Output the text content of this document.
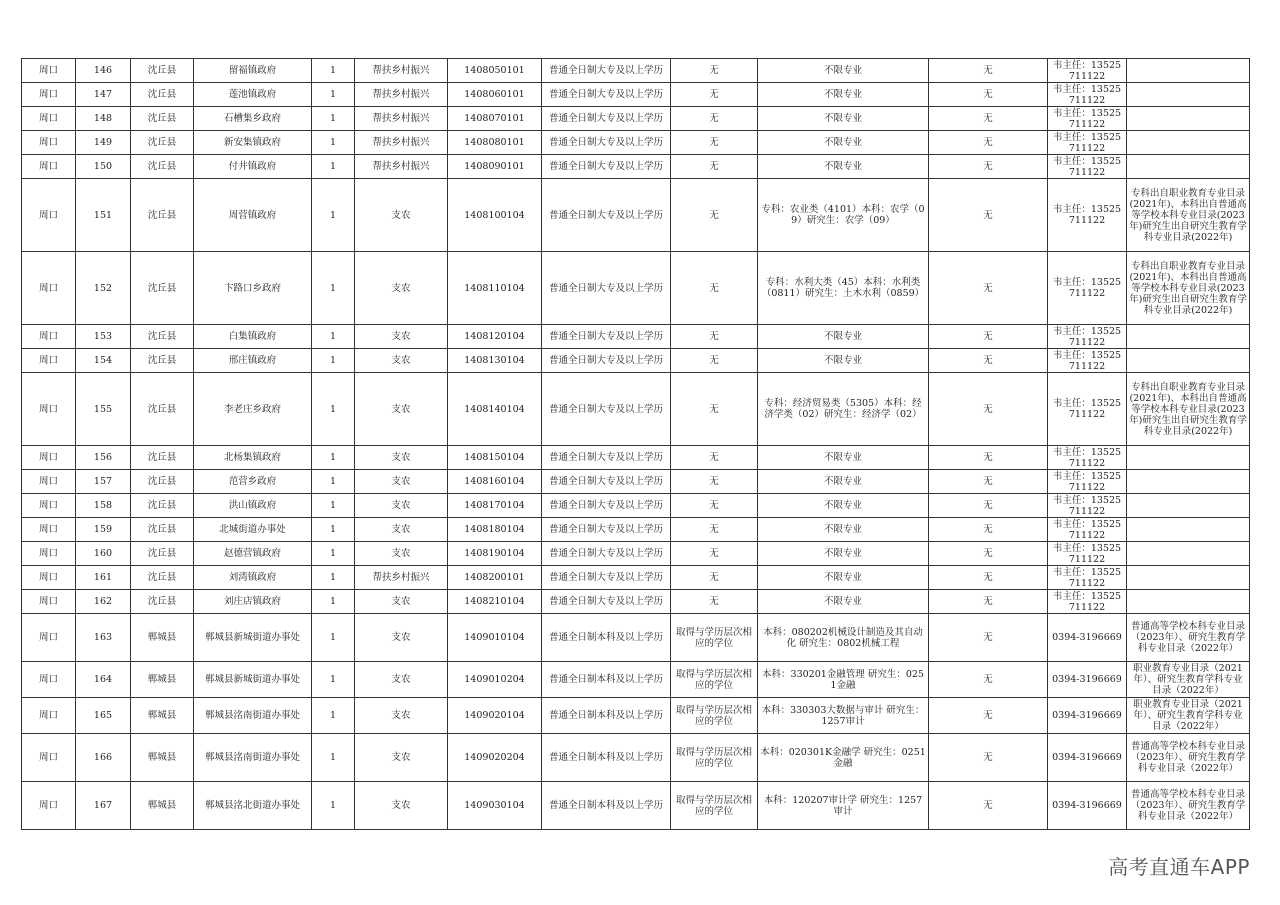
周口	146	沈丘县	留福镇政府	1	帮扶乡村振兴	1408050101	普通全日制大专及以上学历	无	不限专业	无	韦主任：13525711122	
周口	147	沈丘县	莲池镇政府	1	帮扶乡村振兴	1408060101	普通全日制大专及以上学历	无	不限专业	无	韦主任：13525711122	
周口	148	沈丘县	石槽集乡政府	1	帮扶乡村振兴	1408070101	普通全日制大专及以上学历	无	不限专业	无	韦主任：13525711122	
周口	149	沈丘县	新安集镇政府	1	帮扶乡村振兴	1408080101	普通全日制大专及以上学历	无	不限专业	无	韦主任：13525711122	
周口	150	沈丘县	付井镇政府	1	帮扶乡村振兴	1408090101	普通全日制大专及以上学历	无	不限专业	无	韦主任：13525711122	
周口	151	沈丘县	周营镇政府	1	支农	1408100104	普通全日制大专及以上学历	无	专科：农业类（4101）本科：农学（09）研究生：农学（09）	无	韦主任：13525711122	专科出自职业教育专业目录(2021年)、本科出自普通高等学校本科专业目录(2023年)研究生出自研究生教育学科专业目录(2022年)
周口	152	沈丘县	卞路口乡政府	1	支农	1408110104	普通全日制大专及以上学历	无	专科：水利大类（45）本科：水利类（0811）研究生：土木水利（0859）	无	韦主任：13525711122	专科出自职业教育专业目录(2021年)、本科出自普通高等学校本科专业目录(2023年)研究生出自研究生教育学科专业目录(2022年)
周口	153	沈丘县	白集镇政府	1	支农	1408120104	普通全日制大专及以上学历	无	不限专业	无	韦主任：13525711122	
周口	154	沈丘县	邢庄镇政府	1	支农	1408130104	普通全日制大专及以上学历	无	不限专业	无	韦主任：13525711122	
周口	155	沈丘县	李老庄乡政府	1	支农	1408140104	普通全日制大专及以上学历	无	专科：经济贸易类（5305）本科：经济学类（02）研究生：经济学（02）	无	韦主任：13525711122	专科出自职业教育专业目录(2021年)、本科出自普通高等学校本科专业目录(2023年)研究生出自研究生教育学科专业目录(2022年)
周口	156	沈丘县	北杨集镇政府	1	支农	1408150104	普通全日制大专及以上学历	无	不限专业	无	韦主任：13525711122	
周口	157	沈丘县	范营乡政府	1	支农	1408160104	普通全日制大专及以上学历	无	不限专业	无	韦主任：13525711122	
周口	158	沈丘县	洪山镇政府	1	支农	1408170104	普通全日制大专及以上学历	无	不限专业	无	韦主任：13525711122	
周口	159	沈丘县	北城街道办事处	1	支农	1408180104	普通全日制大专及以上学历	无	不限专业	无	韦主任：13525711122	
周口	160	沈丘县	赵德营镇政府	1	支农	1408190104	普通全日制大专及以上学历	无	不限专业	无	韦主任：13525711122	
周口	161	沈丘县	刘湾镇政府	1	帮扶乡村振兴	1408200101	普通全日制大专及以上学历	无	不限专业	无	韦主任：13525711122	
周口	162	沈丘县	刘庄店镇政府	1	支农	1408210104	普通全日制大专及以上学历	无	不限专业	无	韦主任：13525711122	
周口	163	郸城县	郸城县新城街道办事处	1	支农	1409010104	普通全日制本科及以上学历	取得与学历层次相应的学位	本科：080202机械设计制造及其自动化 研究生：0802机械工程	无	0394-3196669	普通高等学校本科专业目录（2023年）、研究生教育学科专业目录（2022年）
周口	164	郸城县	郸城县新城街道办事处	1	支农	1409010204	普通全日制本科及以上学历	取得与学历层次相应的学位	本科：330201金融管理 研究生：0251金融	无	0394-3196669	职业教育专业目录（2021年）、研究生教育学科专业目录（2022年）
周口	165	郸城县	郸城县洺南街道办事处	1	支农	1409020104	普通全日制本科及以上学历	取得与学历层次相应的学位	本科：330303大数据与审计 研究生：1257审计	无	0394-3196669	职业教育专业目录（2021年）、研究生教育学科专业目录（2022年）
周口	166	郸城县	郸城县洺南街道办事处	1	支农	1409020204	普通全日制本科及以上学历	取得与学历层次相应的学位	本科：020301K金融学 研究生：0251金融	无	0394-3196669	普通高等学校本科专业目录（2023年）、研究生教育学科专业目录（2022年）
周口	167	郸城县	郸城县洺北街道办事处	1	支农	1409030104	普通全日制本科及以上学历	取得与学历层次相应的学位	本科：120207审计学 研究生：1257审计	无	0394-3196669	普通高等学校本科专业目录（2023年）、研究生教育学科专业目录（2022年）
高考直通车APP
